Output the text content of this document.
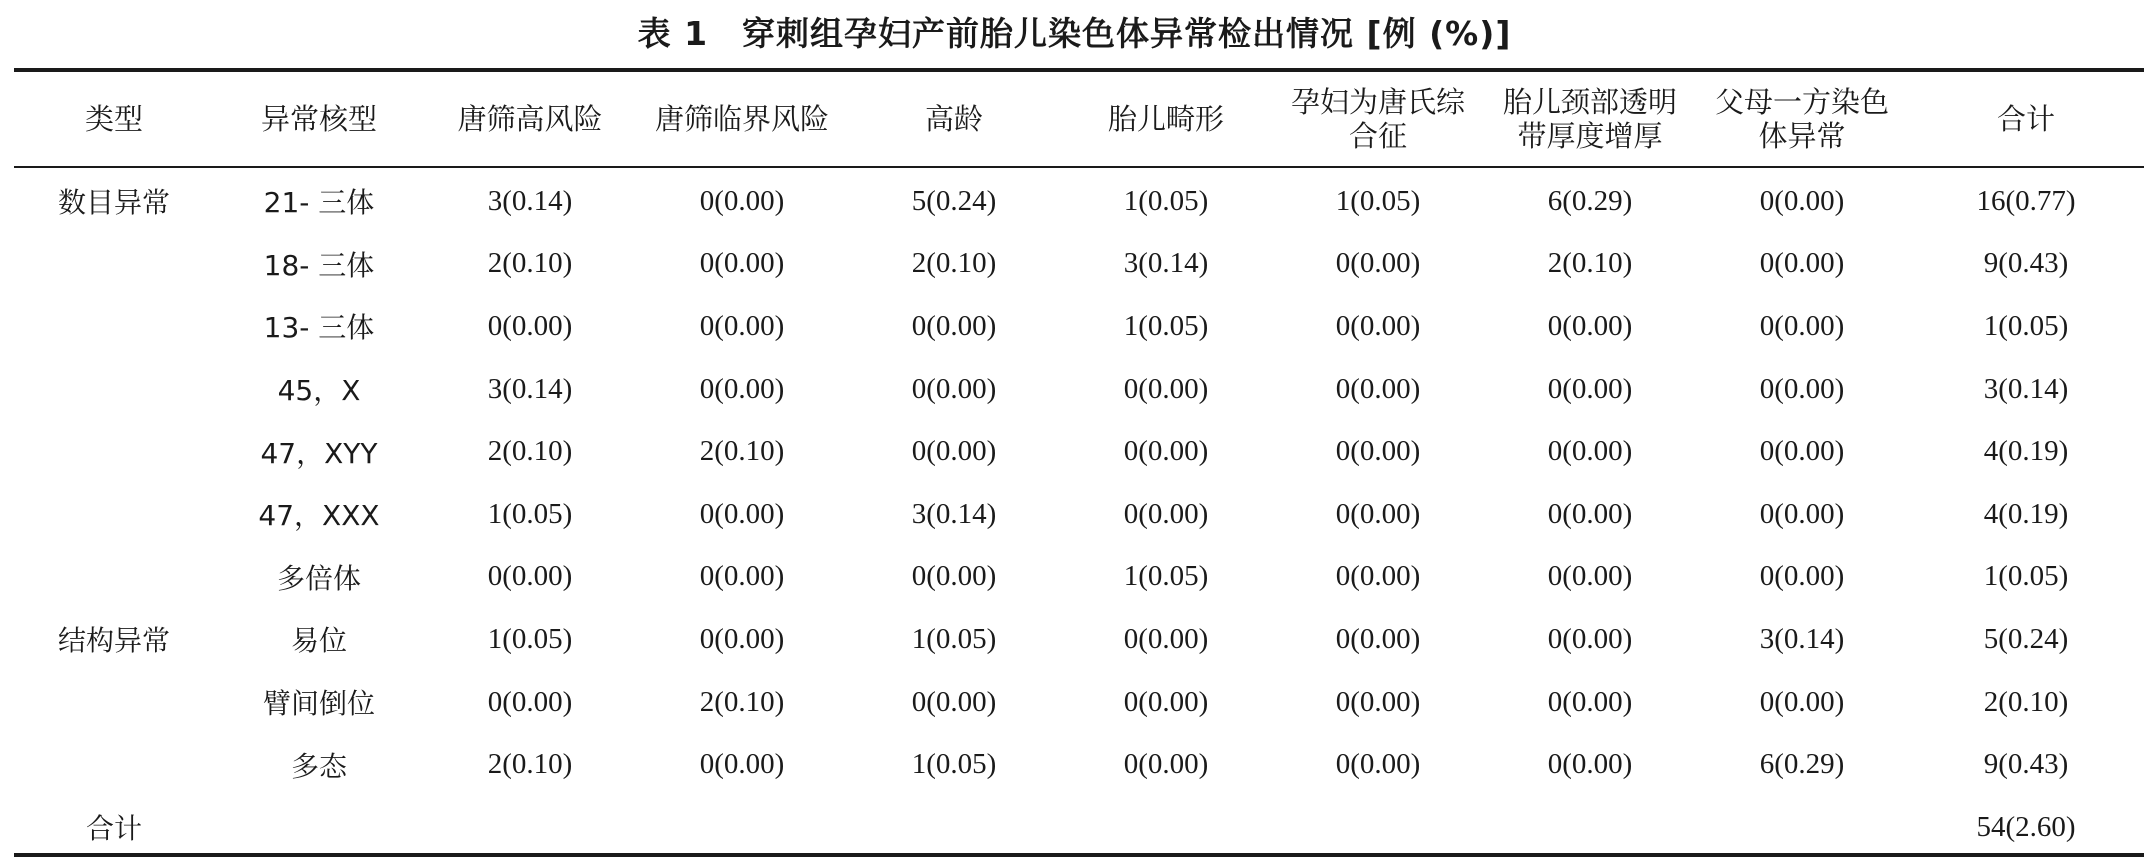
表 1　穿刺组孕妇产前胎儿染色体异常检出情况 [例 (%)]
类型	异常核型	唐筛高风险	唐筛临界风险	高龄	胎儿畸形	孕妇为唐氏综合征	胎儿颈部透明带厚度增厚	父母一方染色体异常	合计
数目异常	21- 三体	3(0.14)	0(0.00)	5(0.24)	1(0.05)	1(0.05)	6(0.29)	0(0.00)	16(0.77)
	18- 三体	2(0.10)	0(0.00)	2(0.10)	3(0.14)	0(0.00)	2(0.10)	0(0.00)	9(0.43)
	13- 三体	0(0.00)	0(0.00)	0(0.00)	1(0.05)	0(0.00)	0(0.00)	0(0.00)	1(0.05)
	45，X	3(0.14)	0(0.00)	0(0.00)	0(0.00)	0(0.00)	0(0.00)	0(0.00)	3(0.14)
	47，XYY	2(0.10)	2(0.10)	0(0.00)	0(0.00)	0(0.00)	0(0.00)	0(0.00)	4(0.19)
	47，XXX	1(0.05)	0(0.00)	3(0.14)	0(0.00)	0(0.00)	0(0.00)	0(0.00)	4(0.19)
	多倍体	0(0.00)	0(0.00)	0(0.00)	1(0.05)	0(0.00)	0(0.00)	0(0.00)	1(0.05)
结构异常	易位	1(0.05)	0(0.00)	1(0.05)	0(0.00)	0(0.00)	0(0.00)	3(0.14)	5(0.24)
	臂间倒位	0(0.00)	2(0.10)	0(0.00)	0(0.00)	0(0.00)	0(0.00)	0(0.00)	2(0.10)
	多态	2(0.10)	0(0.00)	1(0.05)	0(0.00)	0(0.00)	0(0.00)	6(0.29)	9(0.43)
合计									54(2.60)
